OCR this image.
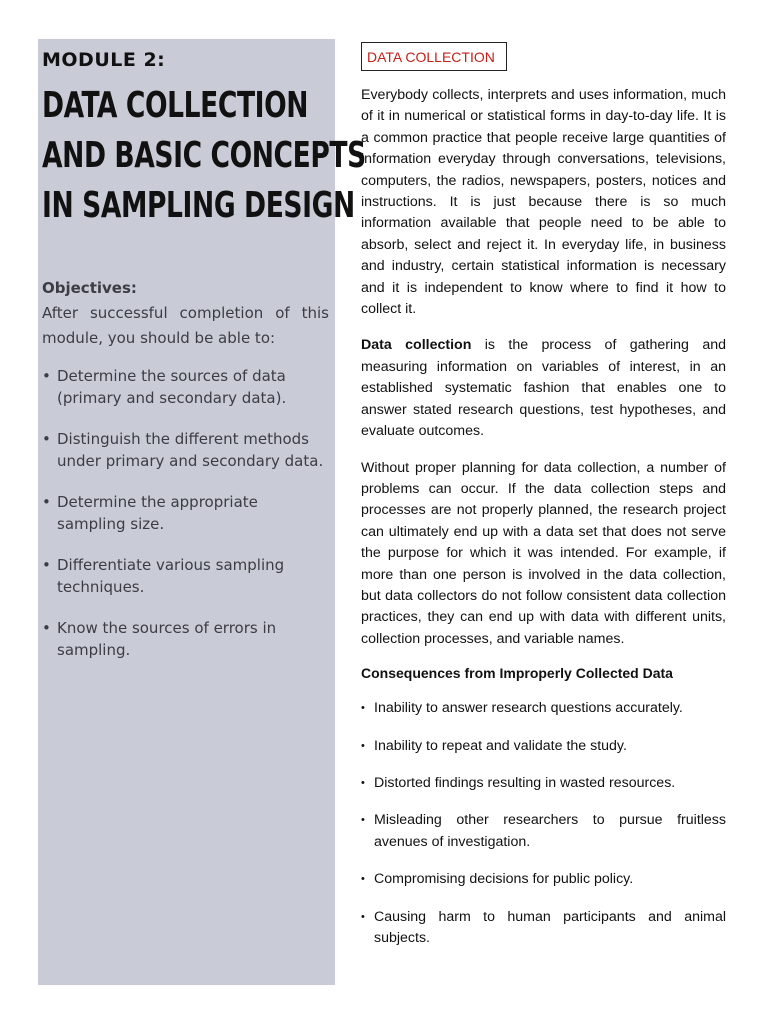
MODULE 2:
DATA COLLECTION
AND BASIC CONCEPTS
IN SAMPLING DESIGN
Objectives:
After successful completion of this module, you should be able to:
• Determine the sources of data (primary and secondary data).
• Distinguish the different methods under primary and secondary data.
• Determine the appropriate sampling size.
• Differentiate various sampling techniques.
• Know the sources of errors in sampling.
DATA COLLECTION

Everybody collects, interprets and uses information, much of it in numerical or statistical forms in day-to-day life. It is a common practice that people receive large quantities of information everyday through conversations, televisions, computers, the radios, newspapers, posters, notices and instructions. It is just because there is so much information available that people need to be able to absorb, select and reject it. In everyday life, in business and industry, certain statistical information is necessary and it is independent to know where to find it how to collect it.

Data collection is the process of gathering and measuring information on variables of interest, in an established systematic fashion that enables one to answer stated research questions, test hypotheses, and evaluate outcomes.

Without proper planning for data collection, a number of problems can occur. If the data collection steps and processes are not properly planned, the research project can ultimately end up with a data set that does not serve the purpose for which it was intended. For example, if more than one person is involved in the data collection, but data collectors do not follow consistent data collection practices, they can end up with data with different units, collection processes, and variable names.

Consequences from Improperly Collected Data
• Inability to answer research questions accurately.
• Inability to repeat and validate the study.
• Distorted findings resulting in wasted resources.
• Misleading other researchers to pursue fruitless avenues of investigation.
• Compromising decisions for public policy.
• Causing harm to human participants and animal subjects.
